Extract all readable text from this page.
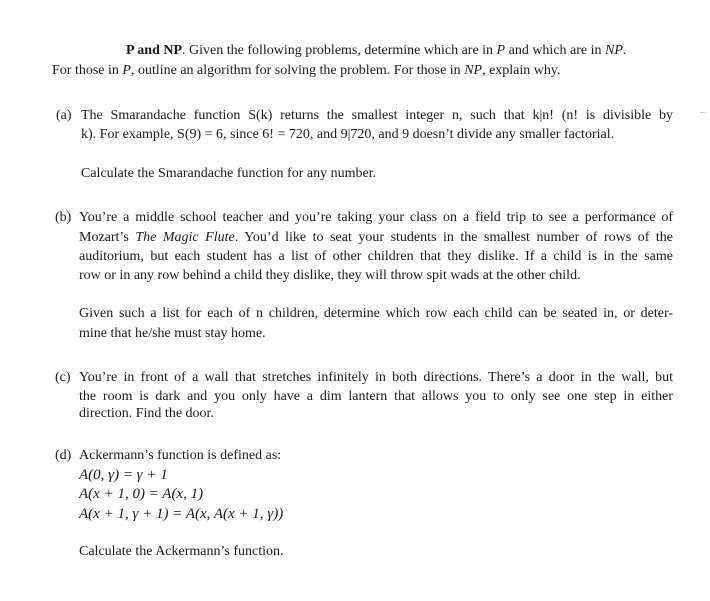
P and NP. Given the following problems, determine which are in P and which are in NP.
For those in P, outline an algorithm for solving the problem. For those in NP, explain why.
(a) The Smarandache function S(k) returns the smallest integer n, such that k|n! (n! is divisible by
k). For example, S(9) = 6, since 6! = 720, and 9|720, and 9 doesn’t divide any smaller factorial.
Calculate the Smarandache function for any number.
(b) You’re a middle school teacher and you’re taking your class on a field trip to see a performance of
Mozart’s The Magic Flute. You’d like to seat your students in the smallest number of rows of the
auditorium, but each student has a list of other children that they dislike. If a child is in the same
row or in any row behind a child they dislike, they will throw spit wads at the other child.
Given such a list for each of n children, determine which row each child can be seated in, or deter-
mine that he/she must stay home.
(c) You’re in front of a wall that stretches infinitely in both directions. There’s a door in the wall, but
the room is dark and you only have a dim lantern that allows you to only see one step in either
direction. Find the door.
(d) Ackermann’s function is defined as:
A(0, γ) = γ + 1
A(x + 1, 0) = A(x, 1)
A(x + 1, γ + 1) = A(x, A(x + 1, γ))
Calculate the Ackermann’s function.
